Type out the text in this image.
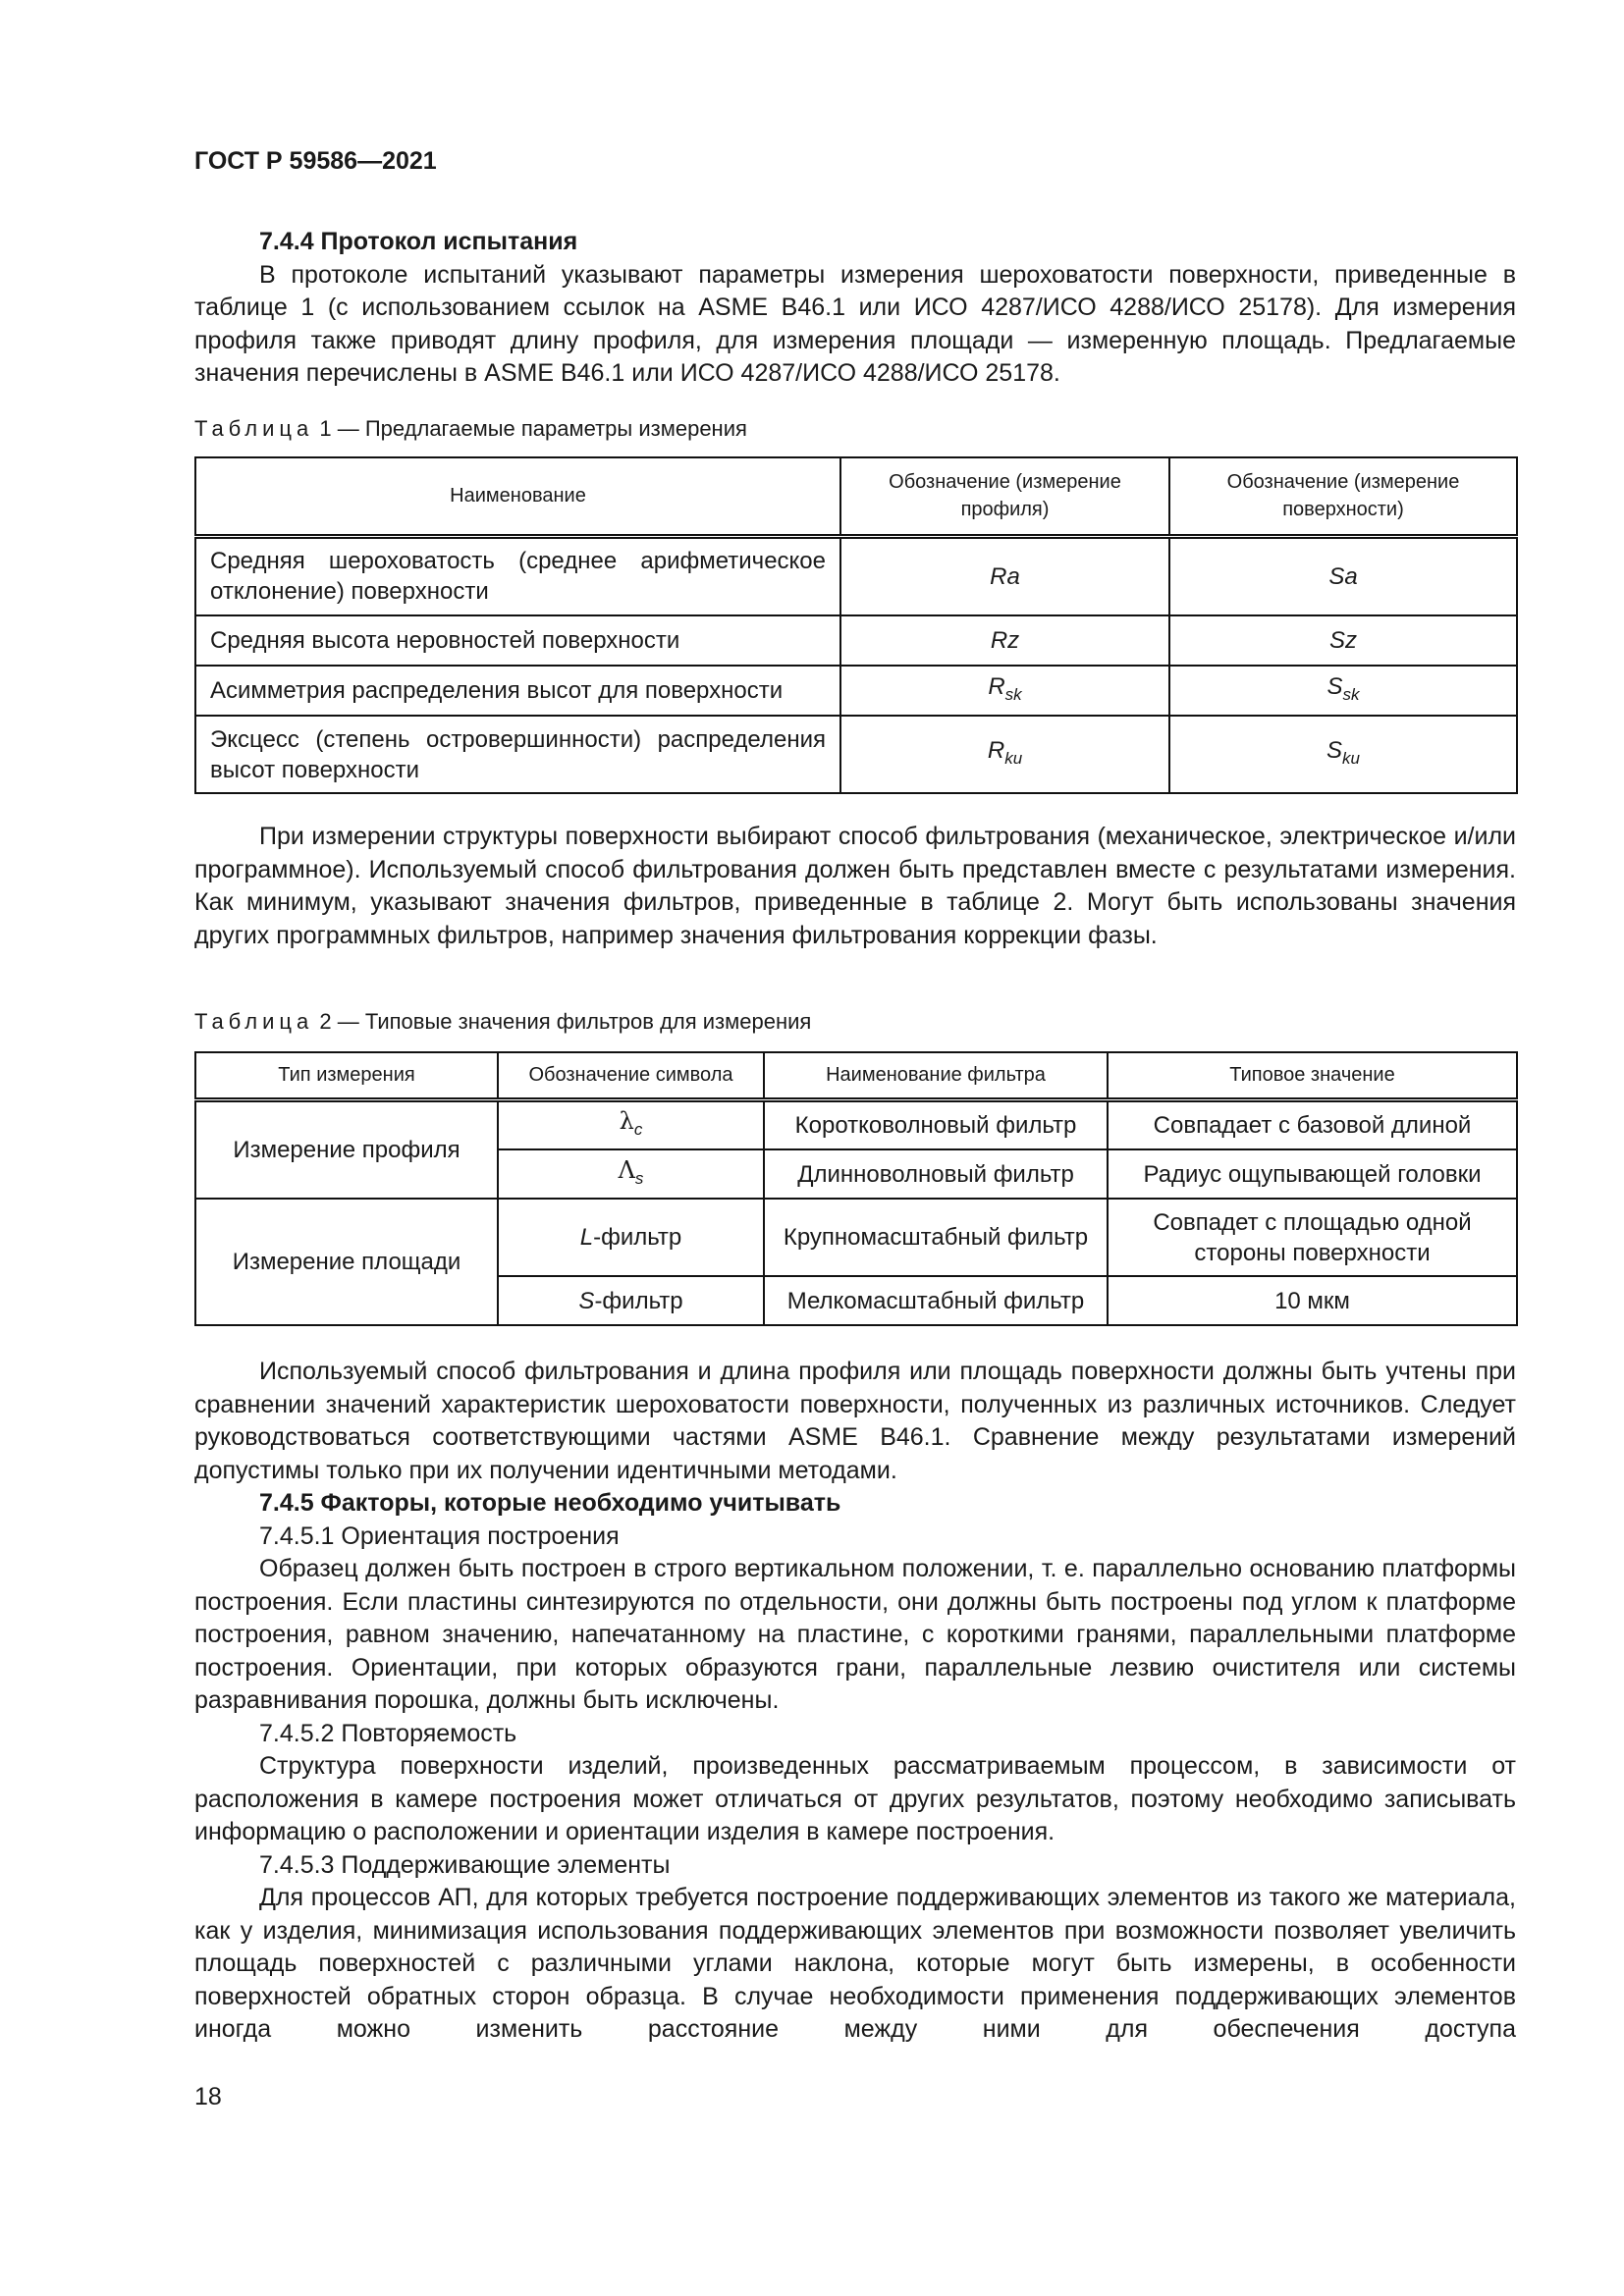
ГОСТ Р 59586—2021
7.4.4 Протокол испытания

В протоколе испытаний указывают параметры измерения шероховатости поверхности, приведенные в таблице 1 (с использованием ссылок на ASME B46.1 или ИСО 4287/ИСО 4288/ИСО 25178). Для измерения профиля также приводят длину профиля, для измерения площади — измеренную площадь. Предлагаемые значения перечислены в ASME B46.1 или ИСО 4287/ИСО 4288/ИСО 25178.

Таблица 1 — Предлагаемые параметры измерения
Наименование	Обозначение (измерение профиля)	Обозначение (измерение поверхности)
Средняя шероховатость (среднее арифметическое отклонение) поверхности	Ra	Sa
Средняя высота неровностей поверхности	Rz	Sz
Асимметрия распределения высот для поверхности	$R_{sk}$	$S_{sk}$
Эксцесс (степень островершинности) распределения высот поверхности	$R_{ku}$	$S_{ku}$

При измерении структуры поверхности выбирают способ фильтрования (механическое, электрическое и/или программное). Используемый способ фильтрования должен быть представлен вместе с результатами измерения. Как минимум, указывают значения фильтров, приведенные в таблице 2. Могут быть использованы значения других программных фильтров, например значения фильтрования коррекции фазы.

Таблица 2 — Типовые значения фильтров для измерения
Тип измерения	Обозначение символа	Наименование фильтра	Типовое значение
Измерение профиля	$\lambda_c$	Коротковолновый фильтр	Совпадает с базовой длиной
	$\Lambda_s$	Длинноволновый фильтр	Радиус ощупывающей головки
Измерение площади	L-фильтр	Крупномасштабный фильтр	Совпадет с площадью одной стороны поверхности
	S-фильтр	Мелкомасштабный фильтр	10 мкм

Используемый способ фильтрования и длина профиля или площадь поверхности должны быть учтены при сравнении значений характеристик шероховатости поверхности, полученных из различных источников. Следует руководствоваться соответствующими частями ASME B46.1. Сравнение между результатами измерений допустимы только при их получении идентичными методами.

7.4.5 Факторы, которые необходимо учитывать

7.4.5.1 Ориентация построения

Образец должен быть построен в строго вертикальном положении, т. е. параллельно основанию платформы построения. Если пластины синтезируются по отдельности, они должны быть построены под углом к платформе построения, равном значению, напечатанному на пластине, с короткими гранями, параллельными платформе построения. Ориентации, при которых образуются грани, параллельные лезвию очистителя или системы разравнивания порошка, должны быть исключены.

7.4.5.2 Повторяемость

Структура поверхности изделий, произведенных рассматриваемым процессом, в зависимости от расположения в камере построения может отличаться от других результатов, поэтому необходимо записывать информацию о расположении и ориентации изделия в камере построения.

7.4.5.3 Поддерживающие элементы

Для процессов АП, для которых требуется построение поддерживающих элементов из такого же материала, как у изделия, минимизация использования поддерживающих элементов при возможности позволяет увеличить площадь поверхностей с различными углами наклона, которые могут быть измерены, в особенности поверхностей обратных сторон образца. В случае необходимости применения поддерживающих элементов иногда можно изменить расстояние между ними для обеспечения доступа

18
